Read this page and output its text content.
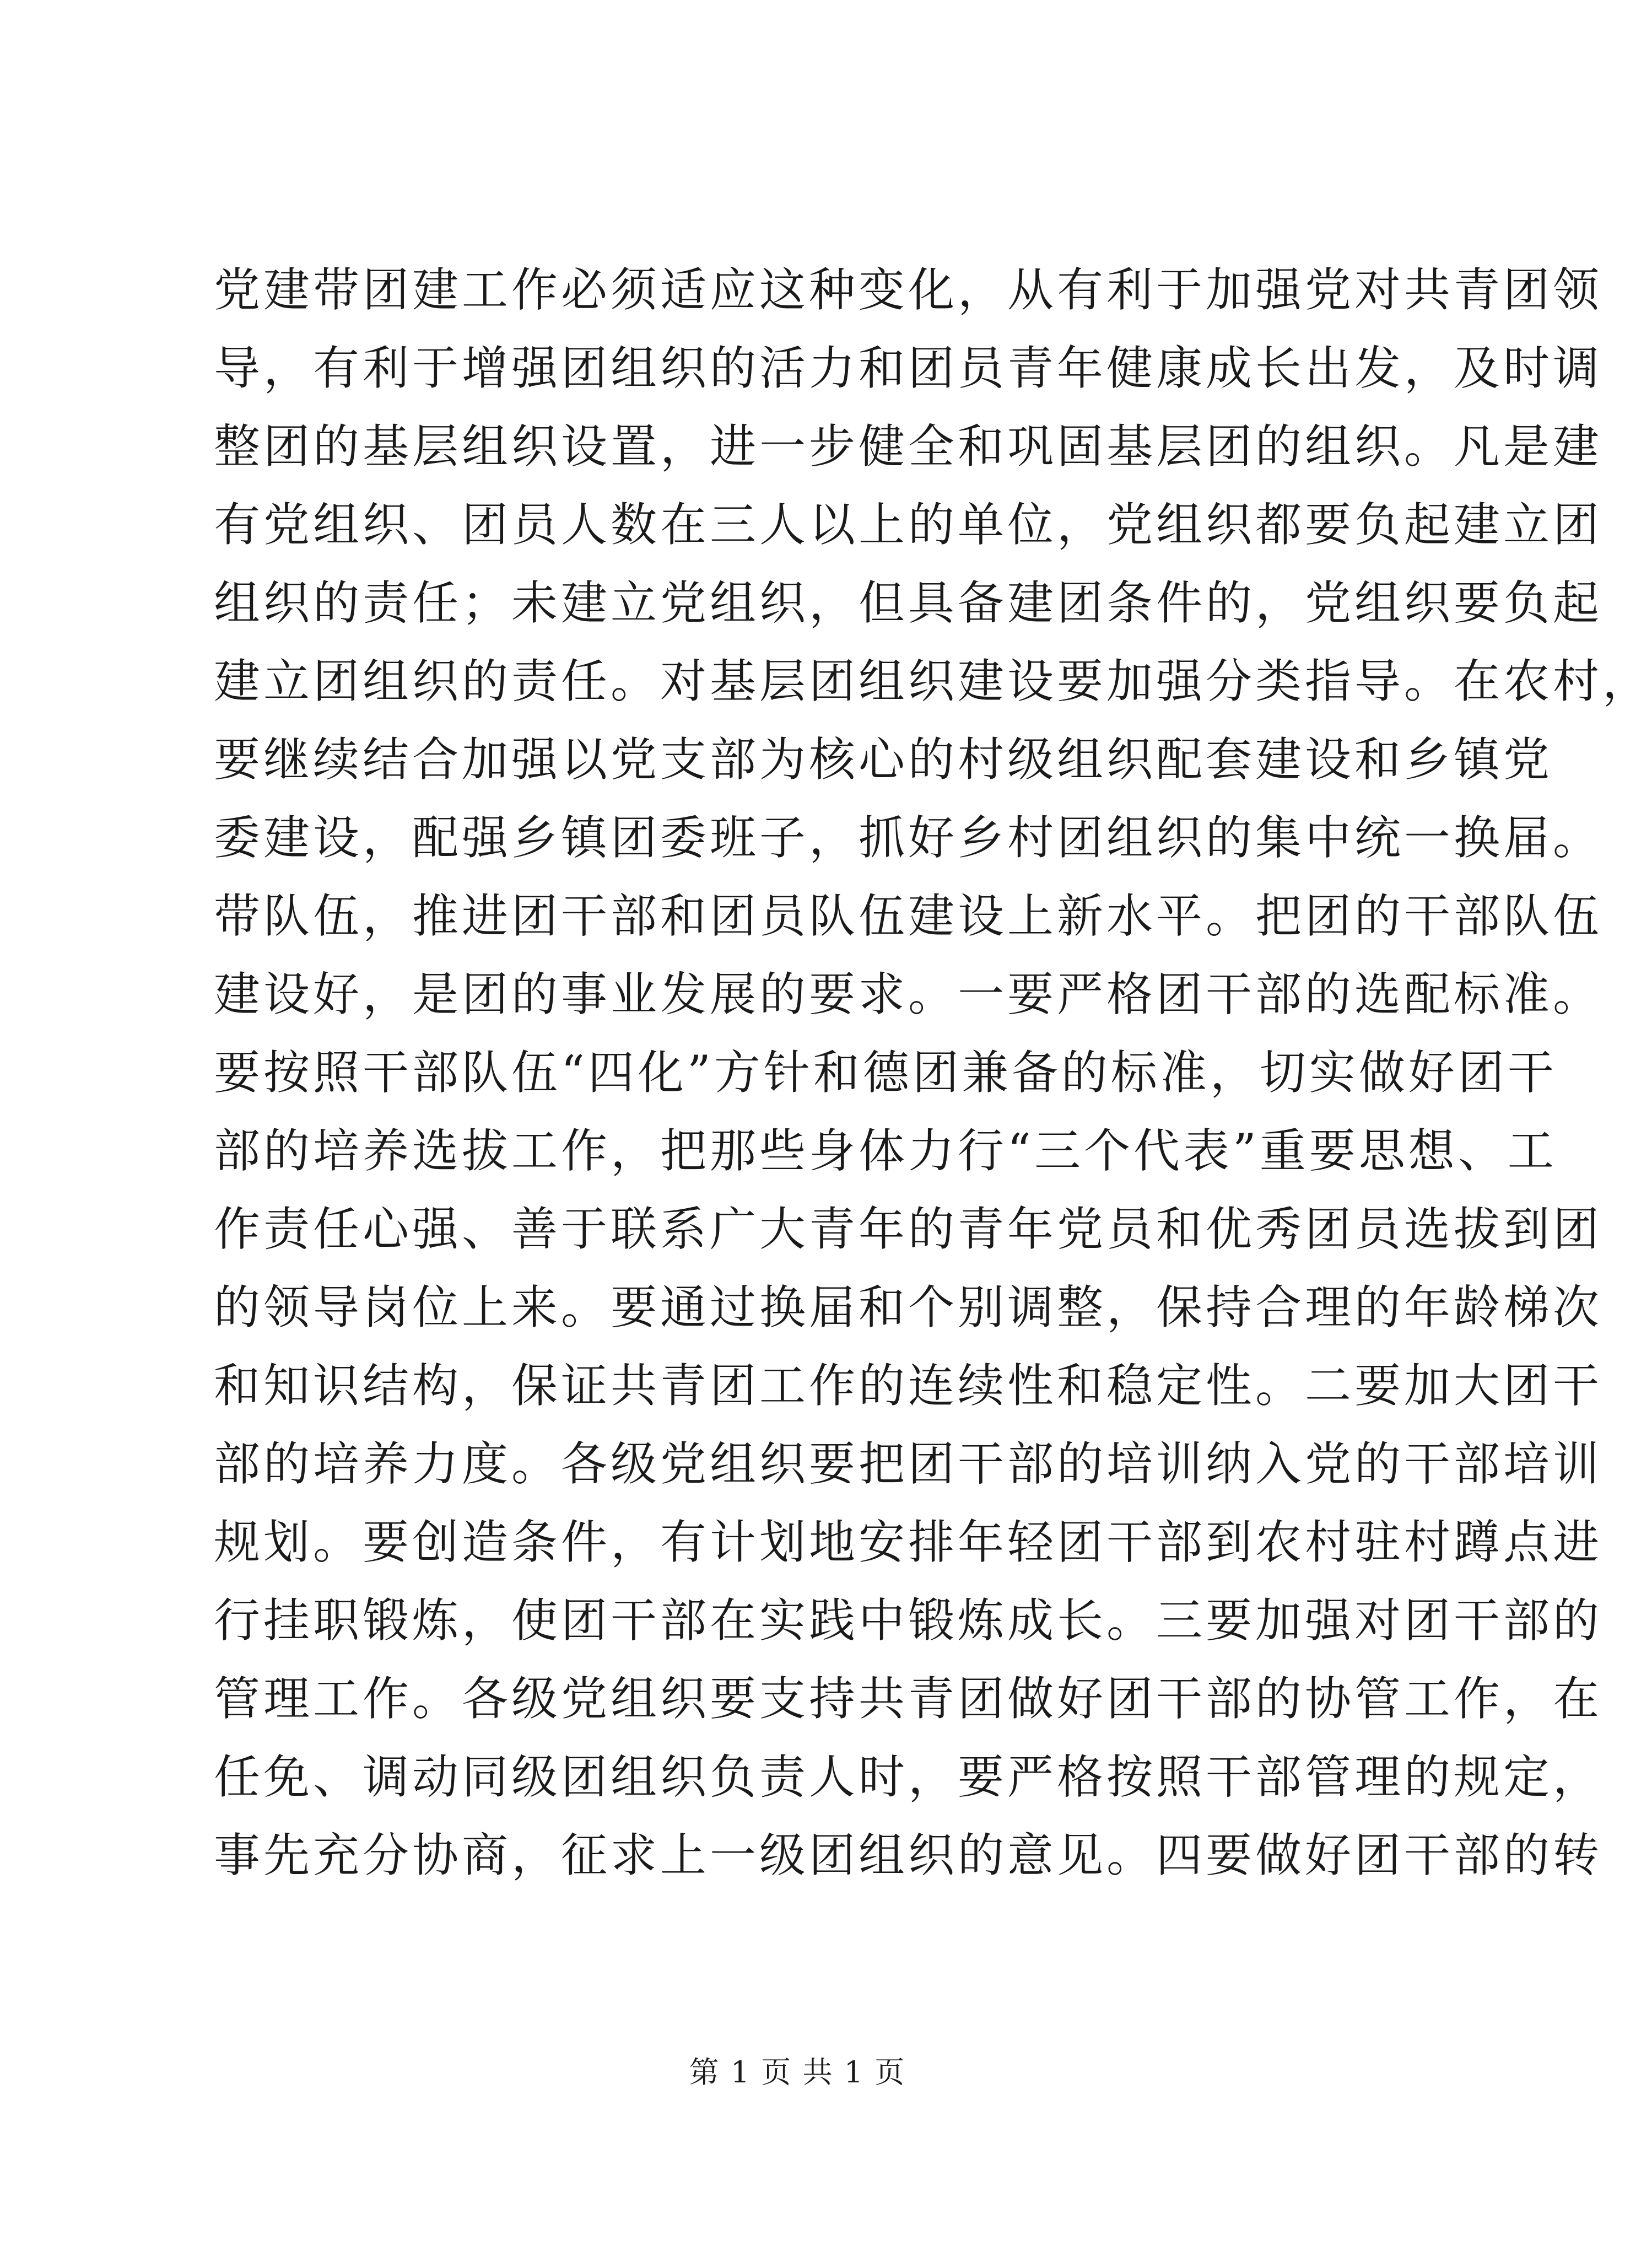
党建带团建工作必须适应这种变化，从有利于加强党对共青团领
导，有利于增强团组织的活力和团员青年健康成长出发，及时调
整团的基层组织设置，进一步健全和巩固基层团的组织。凡是建
有党组织、团员人数在三人以上的单位，党组织都要负起建立团
组织的责任；未建立党组织，但具备建团条件的，党组织要负起
建立团组织的责任。对基层团组织建设要加强分类指导。在农村，
要继续结合加强以党支部为核心的村级组织配套建设和乡镇党
委建设，配强乡镇团委班子，抓好乡村团组织的集中统一换届。
带队伍，推进团干部和团员队伍建设上新水平。把团的干部队伍
建设好，是团的事业发展的要求。一要严格团干部的选配标准。
要按照干部队伍“四化”方针和德团兼备的标准，切实做好团干
部的培养选拔工作，把那些身体力行“三个代表”重要思想、工
作责任心强、善于联系广大青年的青年党员和优秀团员选拔到团
的领导岗位上来。要通过换届和个别调整，保持合理的年龄梯次
和知识结构，保证共青团工作的连续性和稳定性。二要加大团干
部的培养力度。各级党组织要把团干部的培训纳入党的干部培训
规划。要创造条件，有计划地安排年轻团干部到农村驻村蹲点进
行挂职锻炼，使团干部在实践中锻炼成长。三要加强对团干部的
管理工作。各级党组织要支持共青团做好团干部的协管工作，在
任免、调动同级团组织负责人时，要严格按照干部管理的规定，
事先充分协商，征求上一级团组织的意见。四要做好团干部的转
第 1 页 共 1 页
